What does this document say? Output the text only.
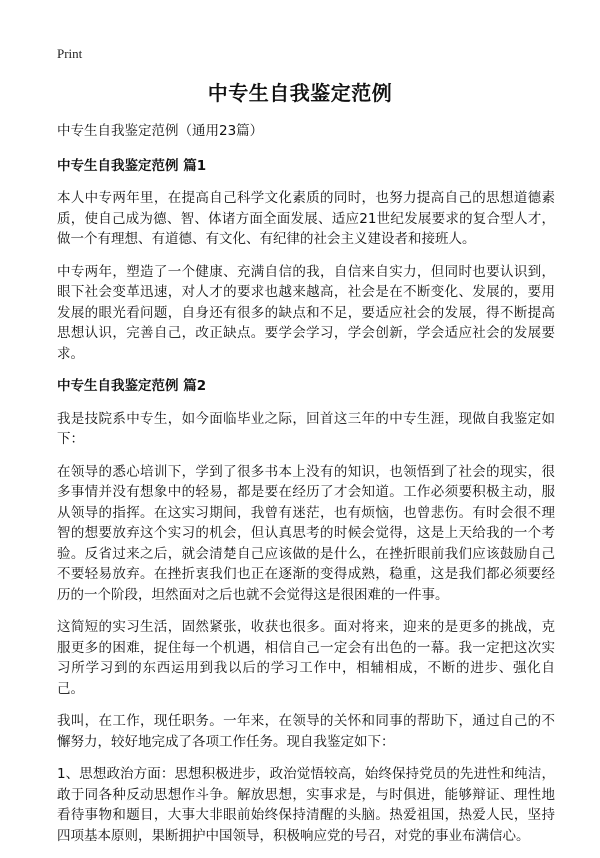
Print
中专生自我鉴定范例

中专生自我鉴定范例（通用23篇）

中专生自我鉴定范例 篇1

本人中专两年里，在提高自己科学文化素质的同时，也努力提高自己的思想道德素质，使自己成为德、智、体诸方面全面发展、适应21世纪发展要求的复合型人才，做一个有理想、有道德、有文化、有纪律的社会主义建设者和接班人。

中专两年，塑造了一个健康、充满自信的我，自信来自实力，但同时也要认识到，眼下社会变革迅速，对人才的要求也越来越高，社会是在不断变化、发展的，要用发展的眼光看问题，自身还有很多的缺点和不足，要适应社会的发展，得不断提高思想认识，完善自己，改正缺点。要学会学习，学会创新，学会适应社会的发展要求。

中专生自我鉴定范例 篇2

我是技院系中专生，如今面临毕业之际，回首这三年的中专生涯，现做自我鉴定如下：

在领导的悉心培训下，学到了很多书本上没有的知识，也领悟到了社会的现实，很多事情并没有想象中的轻易，都是要在经历了才会知道。工作必须要积极主动，服从领导的指挥。在这实习期间，我曾有迷茫，也有烦恼，也曾悲伤。有时会很不理智的想要放弃这个实习的机会，但认真思考的时候会觉得，这是上天给我的一个考验。反省过来之后，就会清楚自己应该做的是什么，在挫折眼前我们应该鼓励自己不要轻易放弃。在挫折衷我们也正在逐渐的变得成熟，稳重，这是我们都必须要经历的一个阶段，坦然面对之后也就不会觉得这是很困难的一件事。

这简短的实习生活，固然紧张，收获也很多。面对将来，迎来的是更多的挑战，克服更多的困难，捉住每一个机遇，相信自己一定会有出色的一幕。我一定把这次实习所学习到的东西运用到我以后的学习工作中，相辅相成，不断的进步、强化自己。

我叫，在工作，现任职务。一年来，在领导的关怀和同事的帮助下，通过自己的不懈努力，较好地完成了各项工作任务。现自我鉴定如下：

1、思想政治方面：思想积极进步，政治觉悟较高，始终保持党员的先进性和纯洁，敢于同各种反动思想作斗争。解放思想，实事求是，与时俱进，能够辩证、理性地看待事物和题目，大事大非眼前始终保持清醒的头脑。热爱祖国，热爱人民，坚持四项基本原则，果断拥护中国领导，积极响应党的号召，对党的事业布满信心。
